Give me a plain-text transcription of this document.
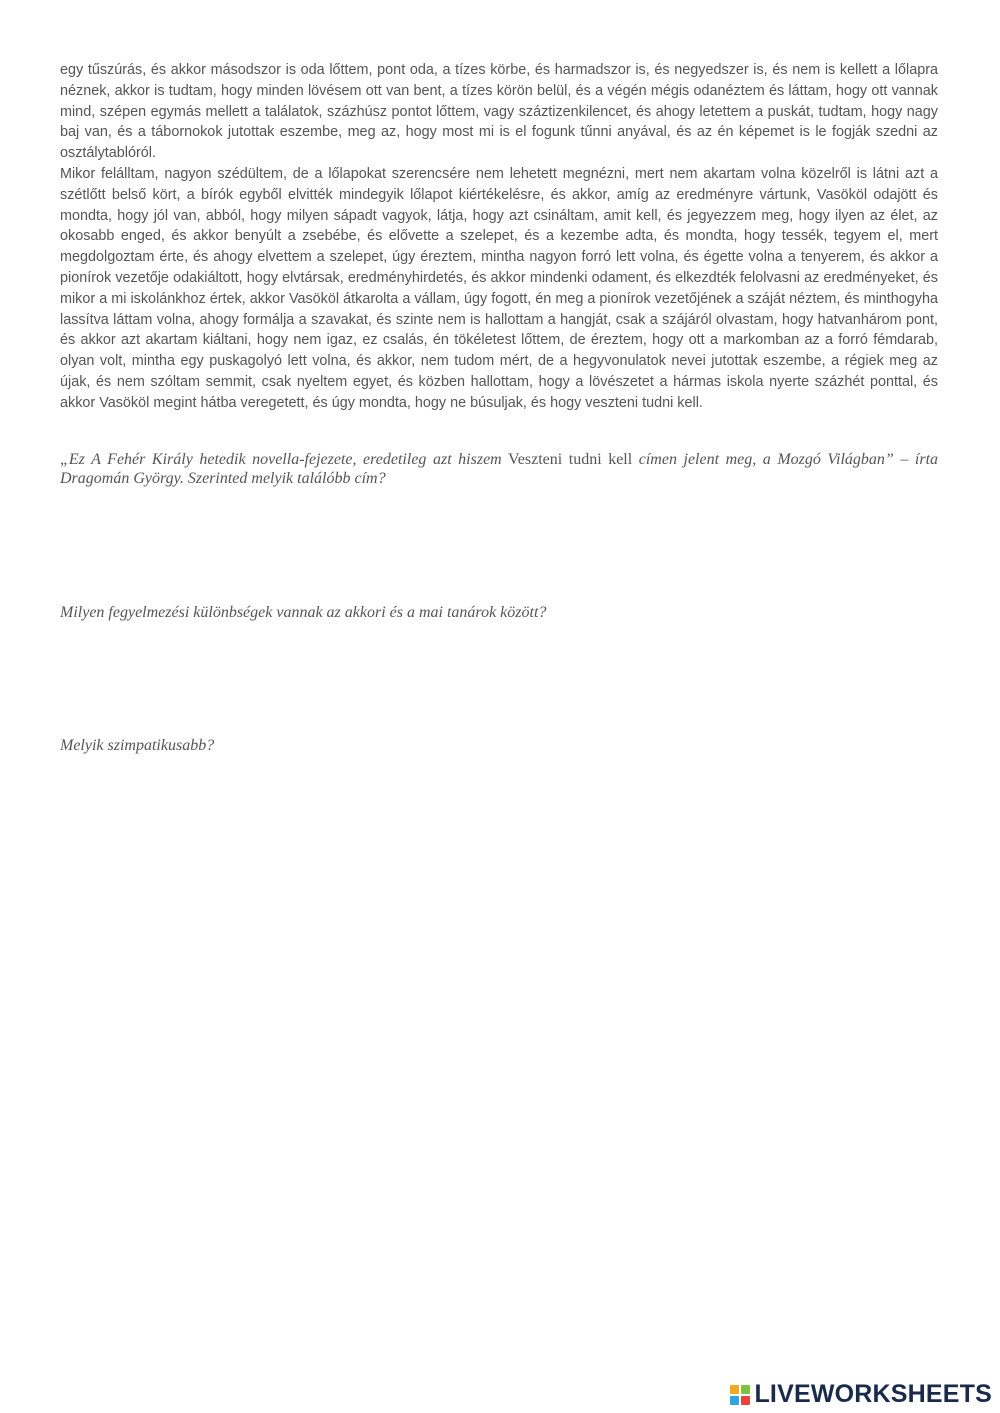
egy tűszúrás, és akkor másodszor is oda lőttem, pont oda, a tízes körbe, és harmadszor is, és negyedszer is, és nem is kellett a lőlapra néznek, akkor is tudtam, hogy minden lövésem ott van bent, a tízes körön belül, és a végén mégis odanéztem és láttam, hogy ott vannak mind, szépen egymás mellett a találatok, százhúsz pontot lőttem, vagy száztizenkilencet, és ahogy letettem a puskát, tudtam, hogy nagy baj van, és a tábornokok jutottak eszembe, meg az, hogy most mi is el fogunk tűnni anyával, és az én képemet is le fogják szedni az osztálytablóról.

Mikor felálltam, nagyon szédültem, de a lőlapokat szerencsére nem lehetett megnézni, mert nem akartam volna közelről is látni azt a szétlőtt belső kört, a bírók egyből elvitték mindegyik lőlapot kiértékelésre, és akkor, amíg az eredményre vártunk, Vasököl odajött és mondta, hogy jól van, abból, hogy milyen sápadt vagyok, látja, hogy azt csináltam, amit kell, és jegyezzem meg, hogy ilyen az élet, az okosabb enged, és akkor benyúlt a zsebébe, és elővette a szelepet, és a kezembe adta, és mondta, hogy tessék, tegyem el, mert megdolgoztam érte, és ahogy elvettem a szelepet, úgy éreztem, mintha nagyon forró lett volna, és égette volna a tenyerem, és akkor a pionírok vezetője odakiáltott, hogy elvtársak, eredményhirdetés, és akkor mindenki odament, és elkezdték felolvasni az eredményeket, és mikor a mi iskolánkhoz értek, akkor Vasököl átkarolta a vállam, úgy fogott, én meg a pionírok vezetőjének a száját néztem, és minthogyha lassítva láttam volna, ahogy formálja a szavakat, és szinte nem is hallottam a hangját, csak a szájáról olvastam, hogy hatvanhárom pont, és akkor azt akartam kiáltani, hogy nem igaz, ez csalás, én tökéletest lőttem, de éreztem, hogy ott a markomban az a forró fémdarab, olyan volt, mintha egy puskagolyó lett volna, és akkor, nem tudom mért, de a hegyvonulatok nevei jutottak eszembe, a régiek meg az újak, és nem szóltam semmit, csak nyeltem egyet, és közben hallottam, hogy a lövészetet a hármas iskola nyerte százhét ponttal, és akkor Vasököl megint hátba veregetett, és úgy mondta, hogy ne búsuljak, és hogy veszteni tudni kell.

„Ez A Fehér Király hetedik novella-fejezete, eredetileg azt hiszem Veszteni tudni kell címen jelent meg, a Mozgó Világban” – írta Dragomán György. Szerinted melyik találóbb cím?
Milyen fegyelmezési különbségek vannak az akkori és a mai tanárok között?
Melyik szimpatikusabb?
LIVEWORKSHEETS
